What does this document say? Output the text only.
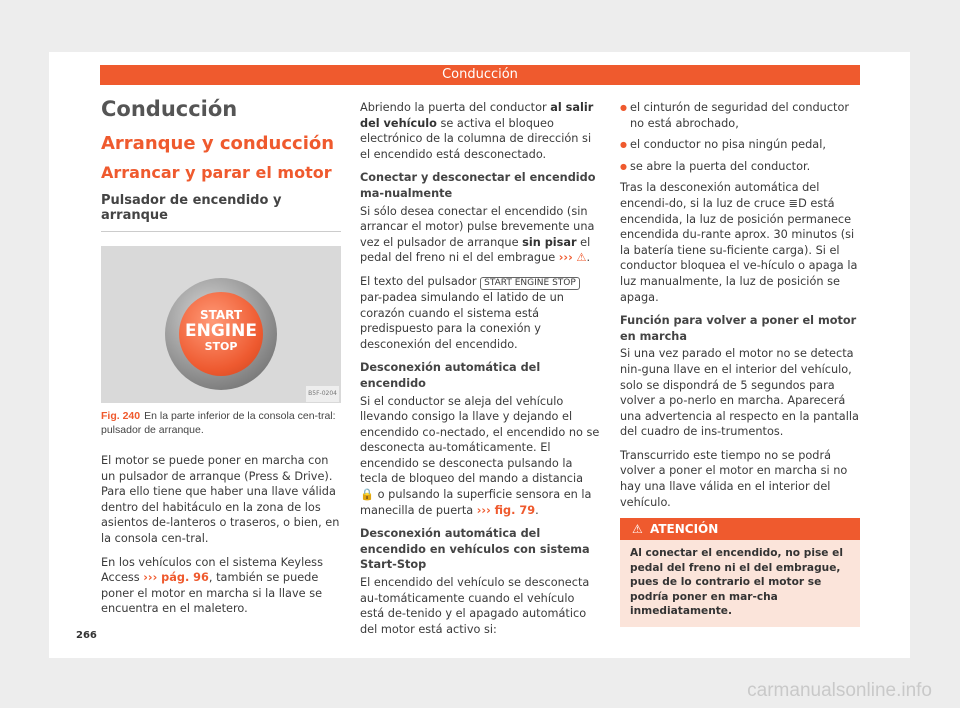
Conducción
Conducción
Arranque y conducción
Arrancar y parar el motor
Pulsador de encendido y arranque
START
ENGINE
STOP
B5F-0204
Fig. 240 En la parte inferior de la consola cen-tral: pulsador de arranque.

El motor se puede poner en marcha con un pulsador de arranque (Press & Drive). Para ello tiene que haber una llave válida dentro del habitáculo en la zona de los asientos de-lanteros o traseros, o bien, en la consola cen-tral.

En los vehículos con el sistema Keyless Access ››› pág. 96, también se puede poner el motor en marcha si la llave se encuentra en el maletero.

Abriendo la puerta del conductor al salir del vehículo se activa el bloqueo electrónico de la columna de dirección si el encendido está desconectado.

Conectar y desconectar el encendido ma-nualmente

Si sólo desea conectar el encendido (sin arrancar el motor) pulse brevemente una vez el pulsador de arranque sin pisar el pedal del freno ni el del embrague ››› ⚠.

El texto del pulsador START ENGINE STOP par-padea simulando el latido de un corazón cuando el sistema está predispuesto para la conexión y desconexión del encendido.

Desconexión automática del encendido

Si el conductor se aleja del vehículo llevando consigo la llave y dejando el encendido co-nectado, el encendido no se desconecta au-tomáticamente. El encendido se desconecta pulsando la tecla de bloqueo del mando a distancia 🔒 o pulsando la superficie sensora en la manecilla de puerta ››› fig. 79.

Desconexión automática del encendido en vehículos con sistema Start-Stop

El encendido del vehículo se desconecta au-tomáticamente cuando el vehículo está de-tenido y el apagado automático del motor está activo si:

● el cinturón de seguridad del conductor no está abrochado,
● el conductor no pisa ningún pedal,
● se abre la puerta del conductor.

Tras la desconexión automática del encendi-do, si la luz de cruce ≣D está encendida, la luz de posición permanece encendida du-rante aprox. 30 minutos (si la batería tiene su-ficiente carga). Si el conductor bloquea el ve-hículo o apaga la luz manualmente, la luz de posición se apaga.

Función para volver a poner el motor en marcha

Si una vez parado el motor no se detecta nin-guna llave en el interior del vehículo, solo se dispondrá de 5 segundos para volver a po-nerlo en marcha. Aparecerá una advertencia al respecto en la pantalla del cuadro de ins-trumentos.

Transcurrido este tiempo no se podrá volver a poner el motor en marcha si no hay una llave válida en el interior del vehículo.

⚠ ATENCIÓN
Al conectar el encendido, no pise el pedal del freno ni el del embrague, pues de lo contrario el motor se podría poner en mar-cha inmediatamente.
266
carmanualsonline.info
